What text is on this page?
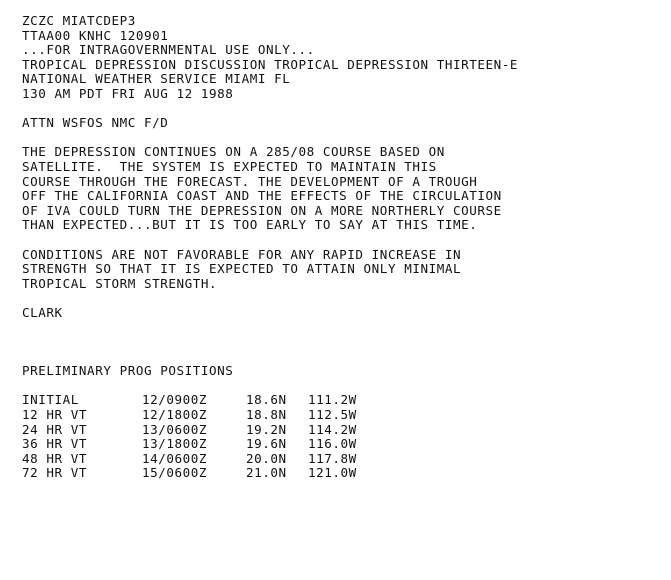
ZCZC MIATCDEP3
TTAA00 KNHC 120901
...FOR INTRAGOVERNMENTAL USE ONLY...
TROPICAL DEPRESSION DISCUSSION TROPICAL DEPRESSION THIRTEEN-E
NATIONAL WEATHER SERVICE MIAMI FL
130 AM PDT FRI AUG 12 1988
ATTN WSFOS NMC F/D
THE DEPRESSION CONTINUES ON A 285/08 COURSE BASED ON
SATELLITE.  THE SYSTEM IS EXPECTED TO MAINTAIN THIS
COURSE THROUGH THE FORECAST. THE DEVELOPMENT OF A TROUGH
OFF THE CALIFORNIA COAST AND THE EFFECTS OF THE CIRCULATION
OF IVA COULD TURN THE DEPRESSION ON A MORE NORTHERLY COURSE
THAN EXPECTED...BUT IT IS TOO EARLY TO SAY AT THIS TIME.
CONDITIONS ARE NOT FAVORABLE FOR ANY RAPID INCREASE IN
STRENGTH SO THAT IT IS EXPECTED TO ATTAIN ONLY MINIMAL
TROPICAL STORM STRENGTH.
CLARK
PRELIMINARY PROG POSITIONS
INITIAL	12/0900Z	18.6N	111.2W
12 HR VT	12/1800Z	18.8N	112.5W
24 HR VT	13/0600Z	19.2N	114.2W
36 HR VT	13/1800Z	19.6N	116.0W
48 HR VT	14/0600Z	20.0N	117.8W
72 HR VT	15/0600Z	21.0N	121.0W
